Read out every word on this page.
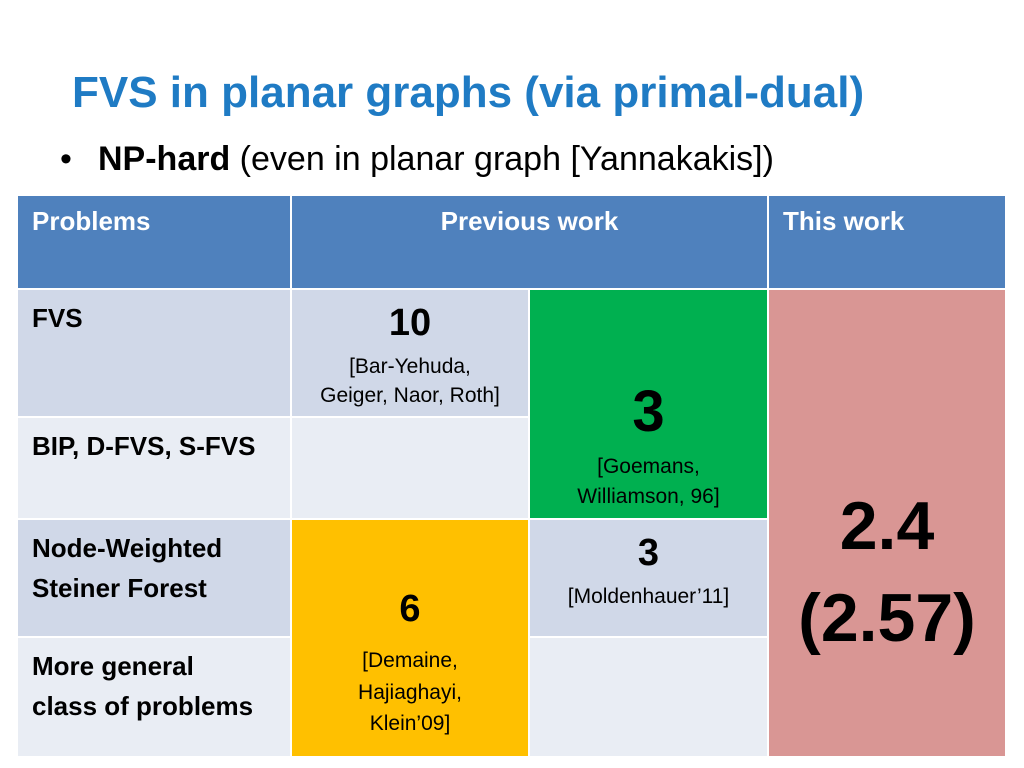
FVS in planar graphs (via primal-dual)
• NP-hard (even in planar graph [Yannakakis])
Problems	Previous work	This work
FVS
BIP, D-FVS, S-FVS
Node-Weighted
Steiner Forest
More general
class of problems
10
[Bar-Yehuda,
Geiger, Naor, Roth]
6
[Demaine,
Hajiaghayi,
Klein’09]
3
[Goemans,
Williamson, 96]
3
[Moldenhauer’11]
2.4
(2.57)
